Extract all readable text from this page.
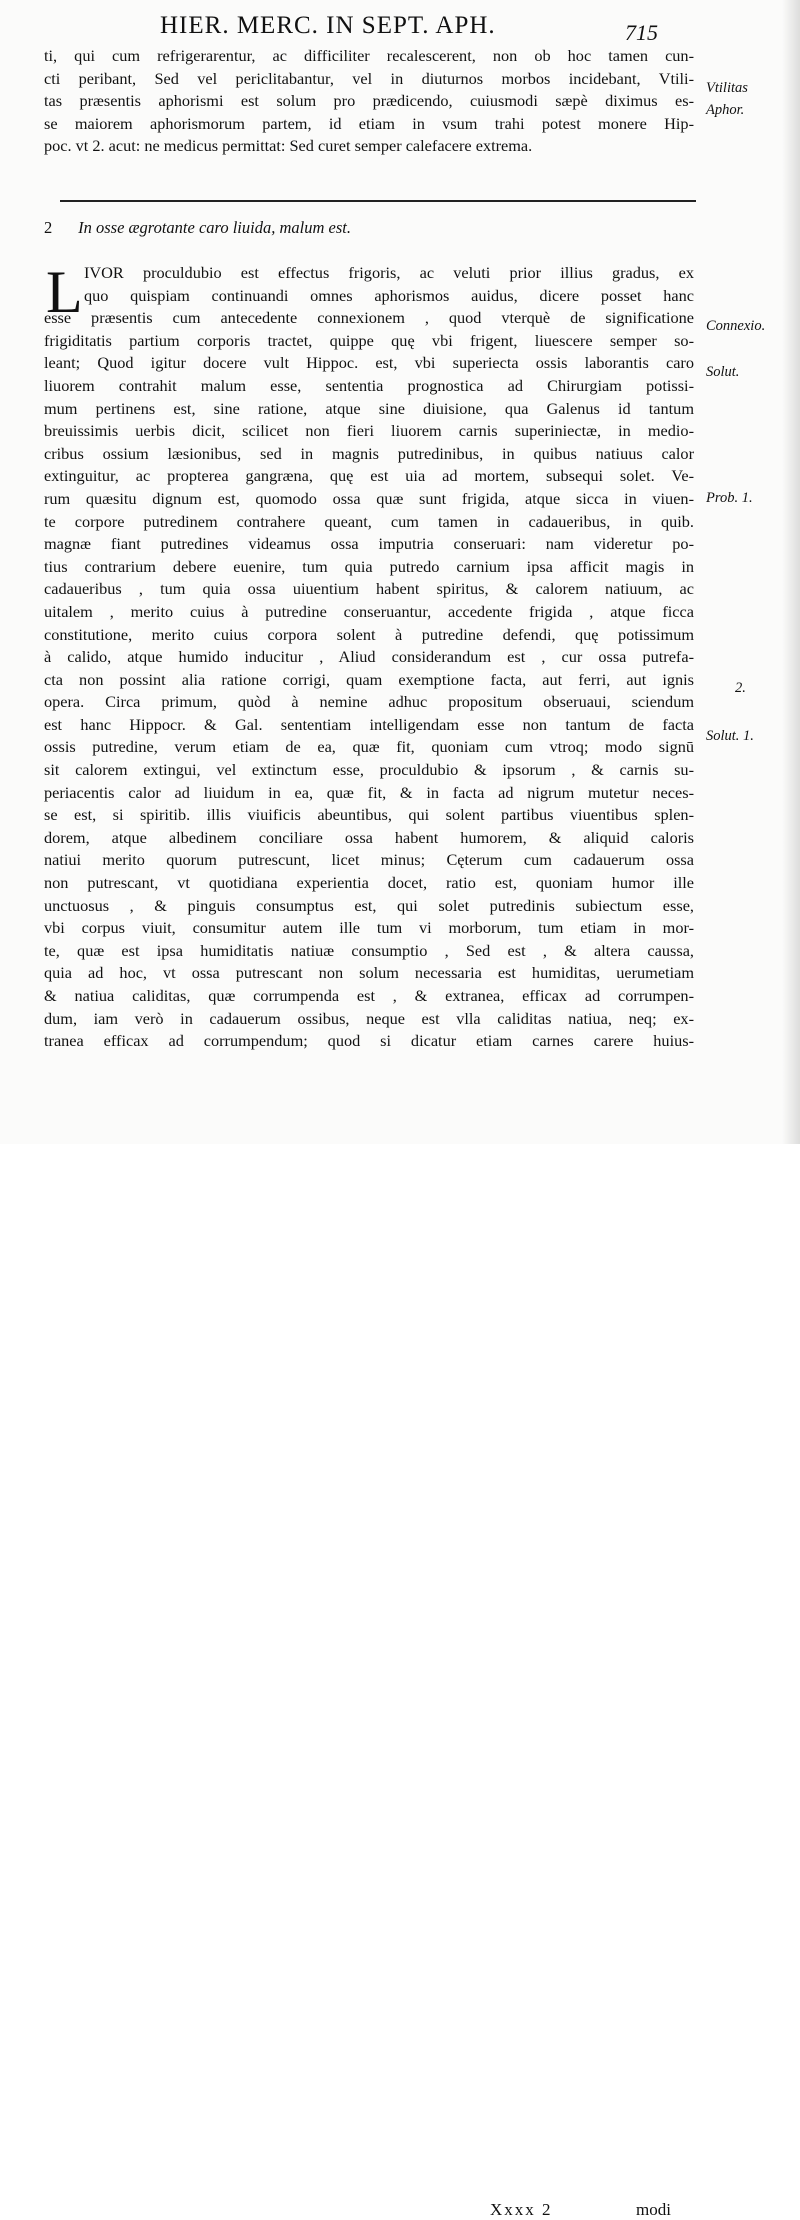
HIER. MERC. IN SEPT. APH.	715
ti, qui cum refrigerarentur, ac difficiliter recalescerent, non ob hoc tamen cun-
cti peribant, Sed vel periclitabantur, vel in diuturnos morbos incidebant, Vtili-
tas præsentis aphorismi est solum pro prædicendo, cuiusmodi sæpè diximus es-
se maiorem aphorismorum partem, id etiam in vsum trahi potest monere Hip-
poc. vt 2. acut: ne medicus permittat: Sed curet semper calefacere extrema.
2 In osse ægrotante caro liuida, malum est.
L IVOR proculdubio est effectus frigoris, ac veluti prior illius gradus, ex
quo quispiam continuandi omnes aphorismos auidus, dicere posset hanc
esse præsentis cum antecedente connexionem , quod vterquè de significatione
frigiditatis partium corporis tractet, quippe quę vbi frigent, liuescere semper so-
leant; Quod igitur docere vult Hippoc. est, vbi superiecta ossis laborantis caro
liuorem contrahit malum esse, sententia prognostica ad Chirurgiam potissi-
mum pertinens est, sine ratione, atque sine diuisione, qua Galenus id tantum
breuissimis uerbis dicit, scilicet non fieri liuorem carnis superiniectæ, in medio-
cribus ossium læsionibus, sed in magnis putredinibus, in quibus natiuus calor
extinguitur, ac propterea gangræna, quę est uia ad mortem, subsequi solet. Ve-
rum quæsitu dignum est, quomodo ossa quæ sunt frigida, atque sicca in viuen-
te corpore putredinem contrahere queant, cum tamen in cadaueribus, in quib.
magnæ fiant putredines videamus ossa imputria conseruari: nam videretur po-
tius contrarium debere euenire, tum quia putredo carnium ipsa afficit magis in
cadaueribus , tum quia ossa uiuentium habent spiritus, & calorem natiuum, ac
uitalem , merito cuius à putredine conseruantur, accedente frigida , atque ficca
constitutione, merito cuius corpora solent à putredine defendi, quę potissimum
à calido, atque humido inducitur , Aliud considerandum est , cur ossa putrefa-
cta non possint alia ratione corrigi, quam exemptione facta, aut ferri, aut ignis
opera. Circa primum, quòd à nemine adhuc propositum obseruaui, sciendum
est hanc Hippocr. & Gal. sententiam intelligendam esse non tantum de facta
ossis putredine, verum etiam de ea, quæ fit, quoniam cum vtroq; modo signū
sit calorem extingui, vel extinctum esse, proculdubio & ipsorum , & carnis su-
periacentis calor ad liuidum in ea, quæ fit, & in facta ad nigrum mutetur neces-
se est, si spiritib. illis viuificis abeuntibus, qui solent partibus viuentibus splen-
dorem, atque albedinem conciliare ossa habent humorem, & aliquid caloris
natiui merito quorum putrescunt, licet minus; Cęterum cum cadauerum ossa
non putrescant, vt quotidiana experientia docet, ratio est, quoniam humor ille
unctuosus , & pinguis consumptus est, qui solet putredinis subiectum esse,
vbi corpus viuit, consumitur autem ille tum vi morborum, tum etiam in mor-
te, quæ est ipsa humiditatis natiuæ consumptio , Sed est , & altera caussa,
quia ad hoc, vt ossa putrescant non solum necessaria est humiditas, uerumetiam
& natiua caliditas, quæ corrumpenda est , & extranea, efficax ad corrumpen-
dum, iam verò in cadauerum ossibus, neque est vlla caliditas natiua, neq; ex-
tranea efficax ad corrumpendum; quod si dicatur etiam carnes carere huius-
Vtilitas
Aphor.
Connexio.
Solut.
Prob. 1.
2.
Solut. 1.
Xxxx 2	modi
